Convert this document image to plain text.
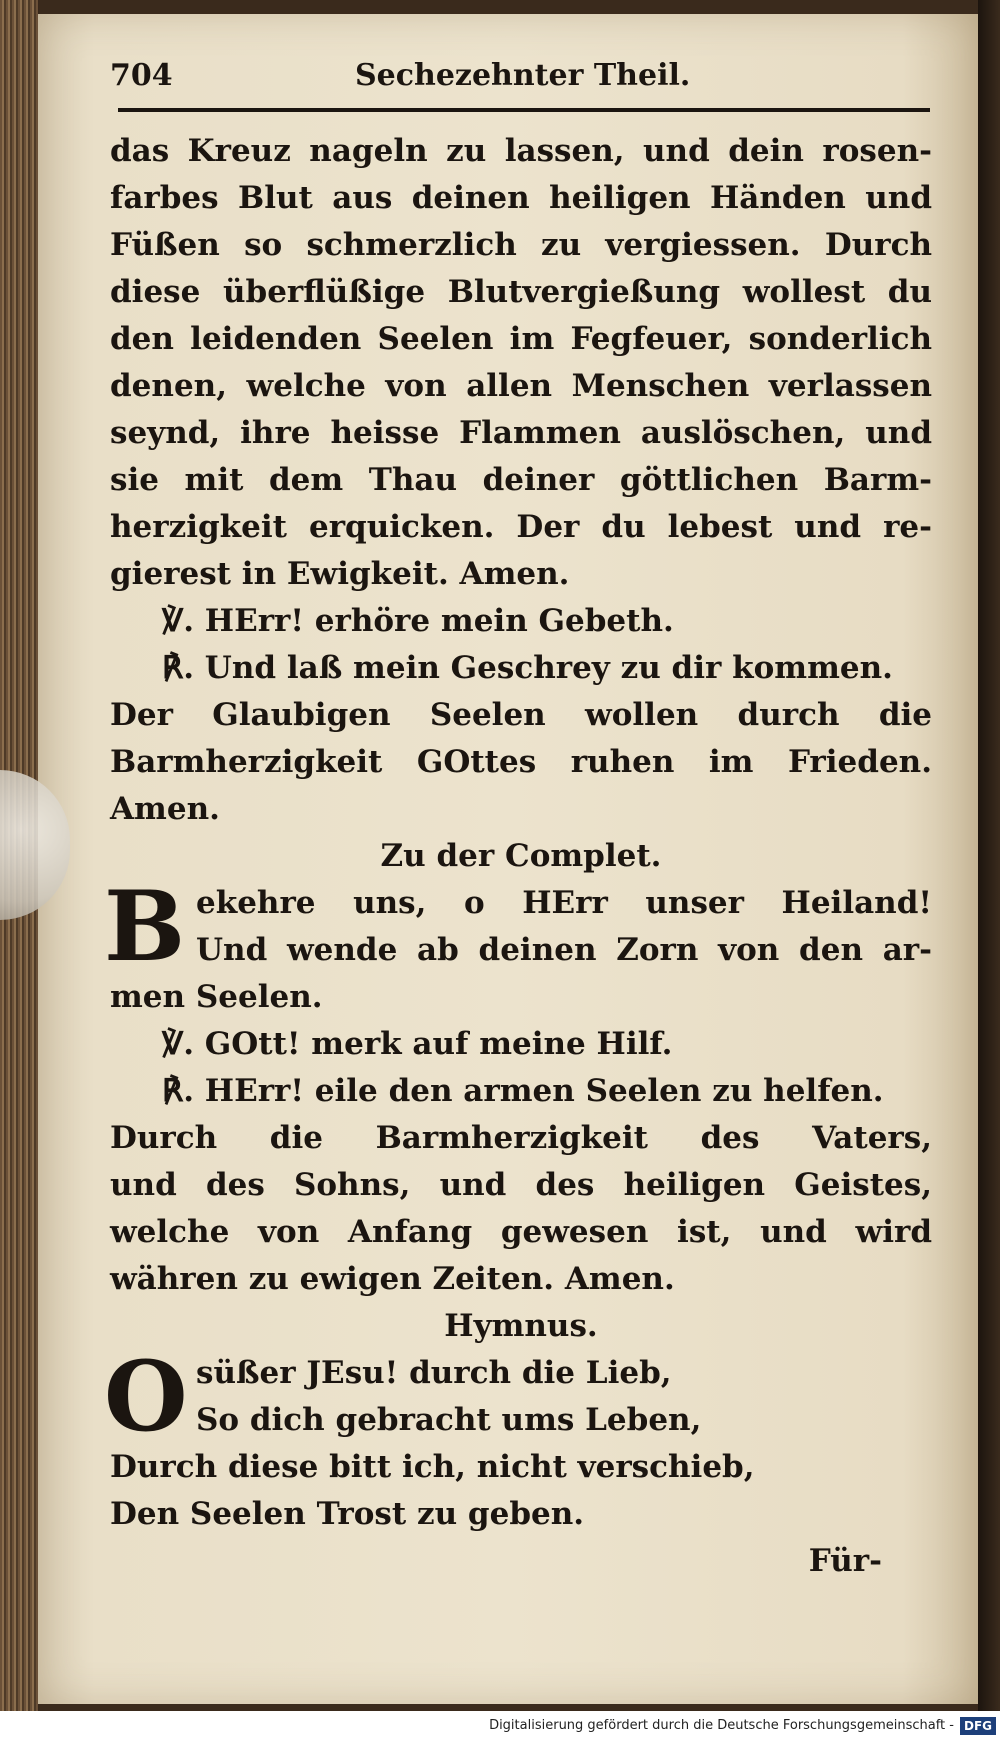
704	Sechezehnter Theil.
das Kreuz nageln zu lassen, und dein rosen-
farbes Blut aus deinen heiligen Händen und
Füßen so schmerzlich zu vergiessen. Durch
diese überflüßige Blutvergießung wollest du
den leidenden Seelen im Fegfeuer, sonderlich
denen, welche von allen Menschen verlassen
seynd, ihre heisse Flammen auslöschen, und
sie mit dem Thau deiner göttlichen Barm-
herzigkeit erquicken. Der du lebest und re-
gierest in Ewigkeit. Amen.
℣. HErr! erhöre mein Gebeth.
℟. Und laß mein Geschrey zu dir kommen.
Der Glaubigen Seelen wollen durch die
Barmherzigkeit GOttes ruhen im Frieden.
Amen.
Zu der Complet.
B ekehre uns, o HErr unser Heiland!
Und wende ab deinen Zorn von den ar-
men Seelen.
℣. GOtt! merk auf meine Hilf.
℟. HErr! eile den armen Seelen zu helfen.
Durch die Barmherzigkeit des Vaters,
und des Sohns, und des heiligen Geistes,
welche von Anfang gewesen ist, und wird
währen zu ewigen Zeiten. Amen.
Hymnus.
O süßer JEsu! durch die Lieb,
So dich gebracht ums Leben,
Durch diese bitt ich, nicht verschieb,
Den Seelen Trost zu geben.
Für-
Digitalisierung gefördert durch die Deutsche Forschungsgemeinschaft - DFG
